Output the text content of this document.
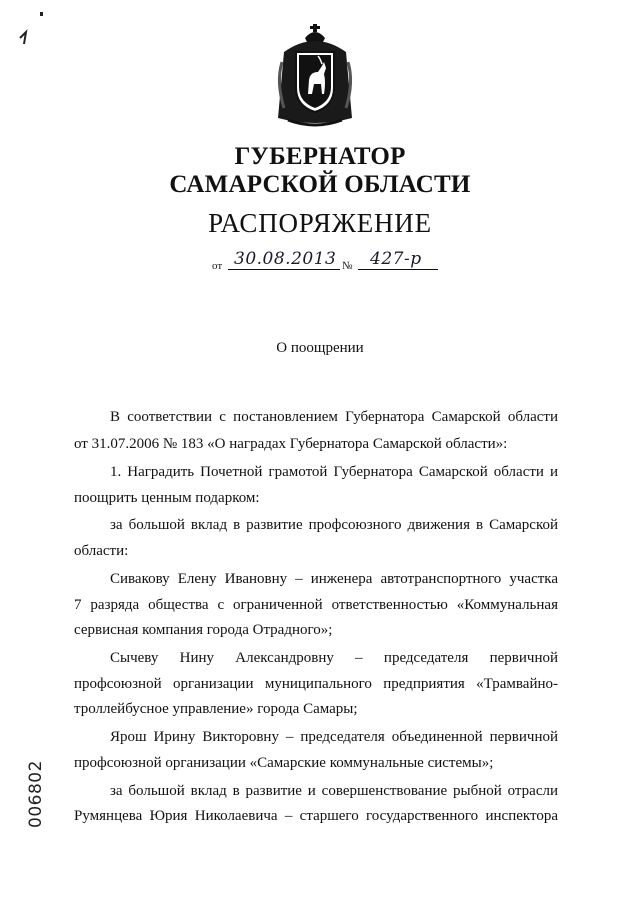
ГУБЕРНАТОР
САМАРСКОЙ ОБЛАСТИ
РАСПОРЯЖЕНИЕ
от 30.08.2013 № 427-р
О поощрении
В соответствии с постановлением Губернатора Самарской области
от 31.07.2006 № 183 «О наградах Губернатора Самарской области»:
1. Наградить Почетной грамотой Губернатора Самарской области и
поощрить ценным подарком:
за большой вклад в развитие профсоюзного движения в Самарской
области:
Сивакову Елену Ивановну – инженера автотранспортного участка
7 разряда общества с ограниченной ответственностью «Коммунальная
сервисная компания города Отрадного»;
Сычеву Нину Александровну – председателя первичной
профсоюзной организации муниципального предприятия «Трамвайно-
троллейбусное управление» города Самары;
Ярош Ирину Викторовну – председателя объединенной первичной
профсоюзной организации «Самарские коммунальные системы»;
за большой вклад в развитие и совершенствование рыбной отрасли
Румянцева Юрия Николаевича – старшего государственного инспектора
006802
